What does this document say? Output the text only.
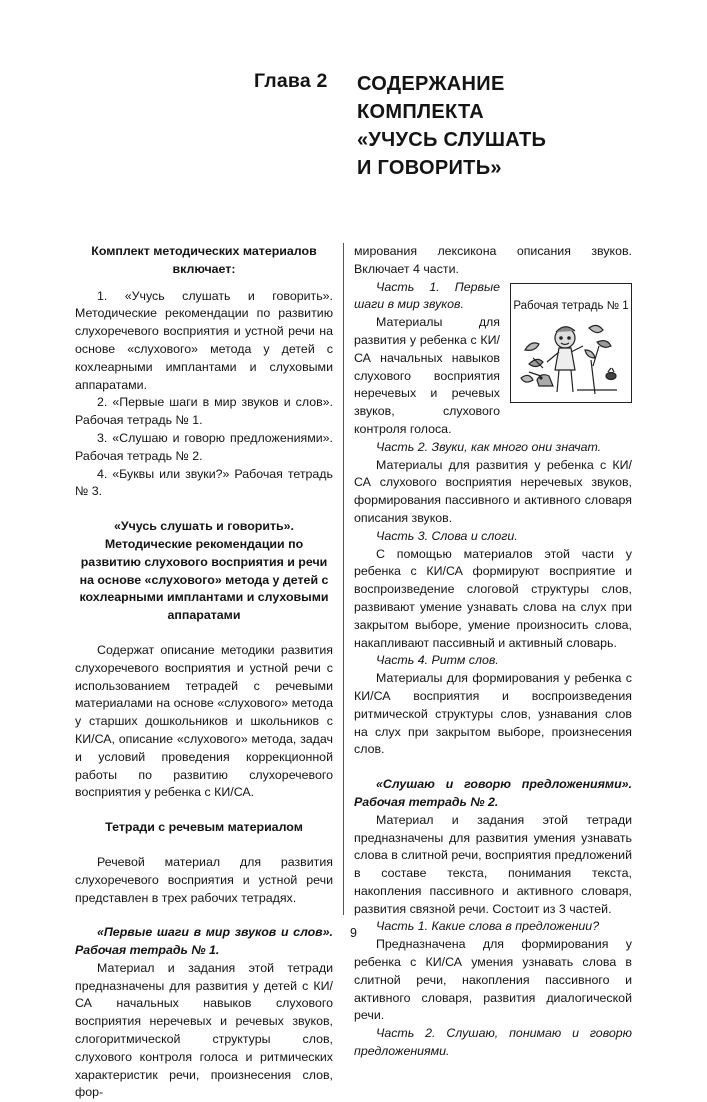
Глава 2 СОДЕРЖАНИЕ
КОМПЛЕКТА
«УЧУСЬ СЛУШАТЬ
И ГОВОРИТЬ»

Комплект методических материалов включает:

1. «Учусь слушать и говорить». Методические рекомендации по развитию слухоречевого восприятия и устной речи на основе «слухового» метода у детей с кохлеарными имплантами и слуховыми аппаратами.

2. «Первые шаги в мир звуков и слов». Рабочая тетрадь № 1.

3. «Слушаю и говорю предложениями». Рабочая тетрадь № 2.

4. «Буквы или звуки?» Рабочая тетрадь № 3.

«Учусь слушать и говорить». Методические рекомендации по развитию слухового восприятия и речи на основе «слухового» метода у детей с кохлеарными имплантами и слуховыми аппаратами

Содержат описание методики развития слухоречевого восприятия и устной речи с использованием тетрадей с речевыми материалами на основе «слухового» метода у старших дошкольников и школьников с КИ/СА, описание «слухового» метода, задач и условий проведения коррекционной работы по развитию слухоречевого восприятия у ребенка с КИ/СА.

Тетради с речевым материалом

Речевой материал для развития слухоречевого восприятия и устной речи представлен в трех рабочих тетрадях.

«Первые шаги в мир звуков и слов». Рабочая тетрадь № 1.

Материал и задания этой тетради предназначены для развития у детей с КИ/СА начальных навыков слухового восприятия неречевых и речевых звуков, слогоритмической структуры слов, слухового контроля голоса и ритмических характеристик речи, произнесения слов, фор-

мирования лексикона описания звуков. Включает 4 части.

Рабочая тетрадь № 1

Часть 1. Первые шаги в мир звуков.

Материалы для развития у ребенка с КИ/СА начальных навыков слухового восприятия неречевых и речевых звуков, слухового контроля голоса.

Часть 2. Звуки, как много они значат.

Материалы для развития у ребенка с КИ/СА слухового восприятия неречевых звуков, формирования пассивного и активного словаря описания звуков.

Часть 3. Слова и слоги.

С помощью материалов этой части у ребенка с КИ/СА формируют восприятие и воспроизведение слоговой структуры слов, развивают умение узнавать слова на слух при закрытом выборе, умение произносить слова, накапливают пассивный и активный словарь.

Часть 4. Ритм слов.

Материалы для формирования у ребенка с КИ/СА восприятия и воспроизведения ритмической структуры слов, узнавания слов на слух при закрытом выборе, произнесения слов.

«Слушаю и говорю предложениями». Рабочая тетрадь № 2.

Материал и задания этой тетради предназначены для развития умения узнавать слова в слитной речи, восприятия предложений в составе текста, понимания текста, накопления пассивного и активного словаря, развития связной речи. Состоит из 3 частей.

Часть 1. Какие слова в предложении?

Предназначена для формирования у ребенка с КИ/СА умения узнавать слова в слитной речи, накопления пассивного и активного словаря, развития диалогической речи.

Часть 2. Слушаю, понимаю и говорю предложениями.

9
